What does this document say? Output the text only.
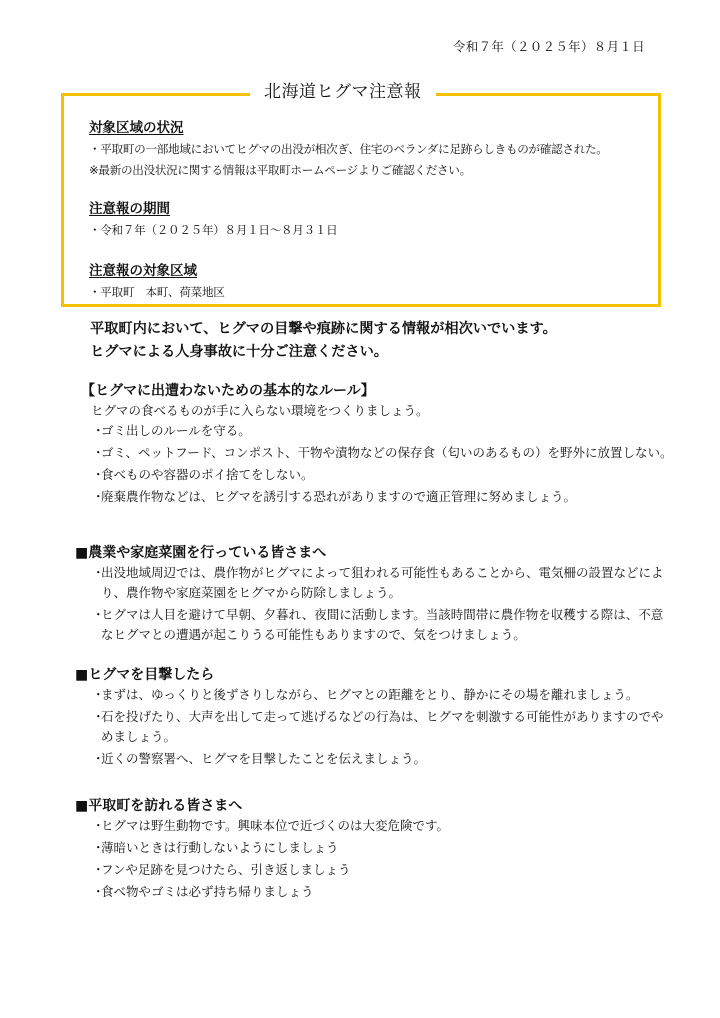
令和７年（２０２５年）８月１日
北海道ヒグマ注意報
対象区域の状況
・平取町の一部地域においてヒグマの出没が相次ぎ、住宅のベランダに足跡らしきものが確認された。
※最新の出没状況に関する情報は平取町ホームページよりご確認ください。
注意報の期間
・令和７年（２０２５年）８月１日～８月３１日
注意報の対象区域
・平取町　本町、荷菜地区
平取町内において、ヒグマの目撃や痕跡に関する情報が相次いでいます。
ヒグマによる人身事故に十分ご注意ください。
【ヒグマに出遭わないための基本的なルール】
ヒグマの食べるものが手に入らない環境をつくりましょう。
・
ゴミ出しのルールを守る。
・
ゴミ、ペットフード、コンポスト、干物や漬物などの保存食（匂いのあるもの）を野外に放置しない。
・
食べものや容器のポイ捨てをしない。
・
廃棄農作物などは、ヒグマを誘引する恐れがありますので適正管理に努めましょう。
■農業や家庭菜園を行っている皆さまへ
・
出没地域周辺では、農作物がヒグマによって狙われる可能性もあることから、電気柵の設置などにより、農作物や家庭菜園をヒグマから防除しましょう。
・
ヒグマは人目を避けて早朝、夕暮れ、夜間に活動します。当該時間帯に農作物を収穫する際は、不意なヒグマとの遭遇が起こりうる可能性もありますので、気をつけましょう。
■ヒグマを目撃したら
・
まずは、ゆっくりと後ずさりしながら、ヒグマとの距離をとり、静かにその場を離れましょう。
・
石を投げたり、大声を出して走って逃げるなどの行為は、ヒグマを刺激する可能性がありますのでやめましょう。
・
近くの警察署へ、ヒグマを目撃したことを伝えましょう。
■平取町を訪れる皆さまへ
・
ヒグマは野生動物です。興味本位で近づくのは大変危険です。
・
薄暗いときは行動しないようにしましょう
・
フンや足跡を見つけたら、引き返しましょう
・
食べ物やゴミは必ず持ち帰りましょう
